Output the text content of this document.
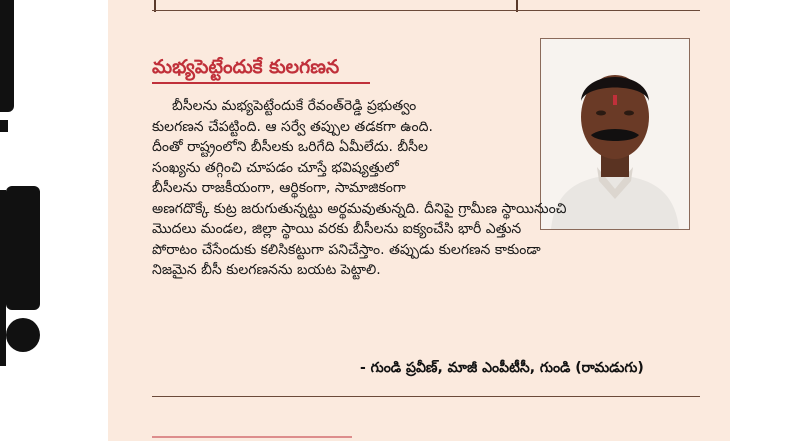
మభ్యపెట్టేందుకే కులగణన
బీసీలను మభ్యపెట్టేందుకే రేవంత్‌రెడ్డి ప్రభుత్వం
కులగణన చేపట్టింది. ఆ సర్వే తప్పుల తడకగా ఉంది.
దీంతో రాష్ట్రంలోని బీసీలకు ఒరిగేది ఏమీలేదు. బీసీల
సంఖ్యను తగ్గించి చూపడం చూస్తే భవిష్యత్తులో
బీసీలను రాజకీయంగా, ఆర్థికంగా, సామాజికంగా
అణగదొక్కే కుట్ర జరుగుతున్నట్టు అర్థమవుతున్నది. దీనిపై గ్రామీణ స్థాయినుంచి
మొదలు మండల, జిల్లా స్థాయి వరకు బీసీలను ఐక్యంచేసి భారీ ఎత్తున
పోరాటం చేసేందుకు కలిసికట్టుగా పనిచేస్తాం. తప్పుడు కులగణన కాకుండా
నిజమైన బీసీ కులగణనను బయట పెట్టాలి.
- గుండి ప్రవీణ్, మాజీ ఎంపీటీసీ, గుండి (రామడుగు)
